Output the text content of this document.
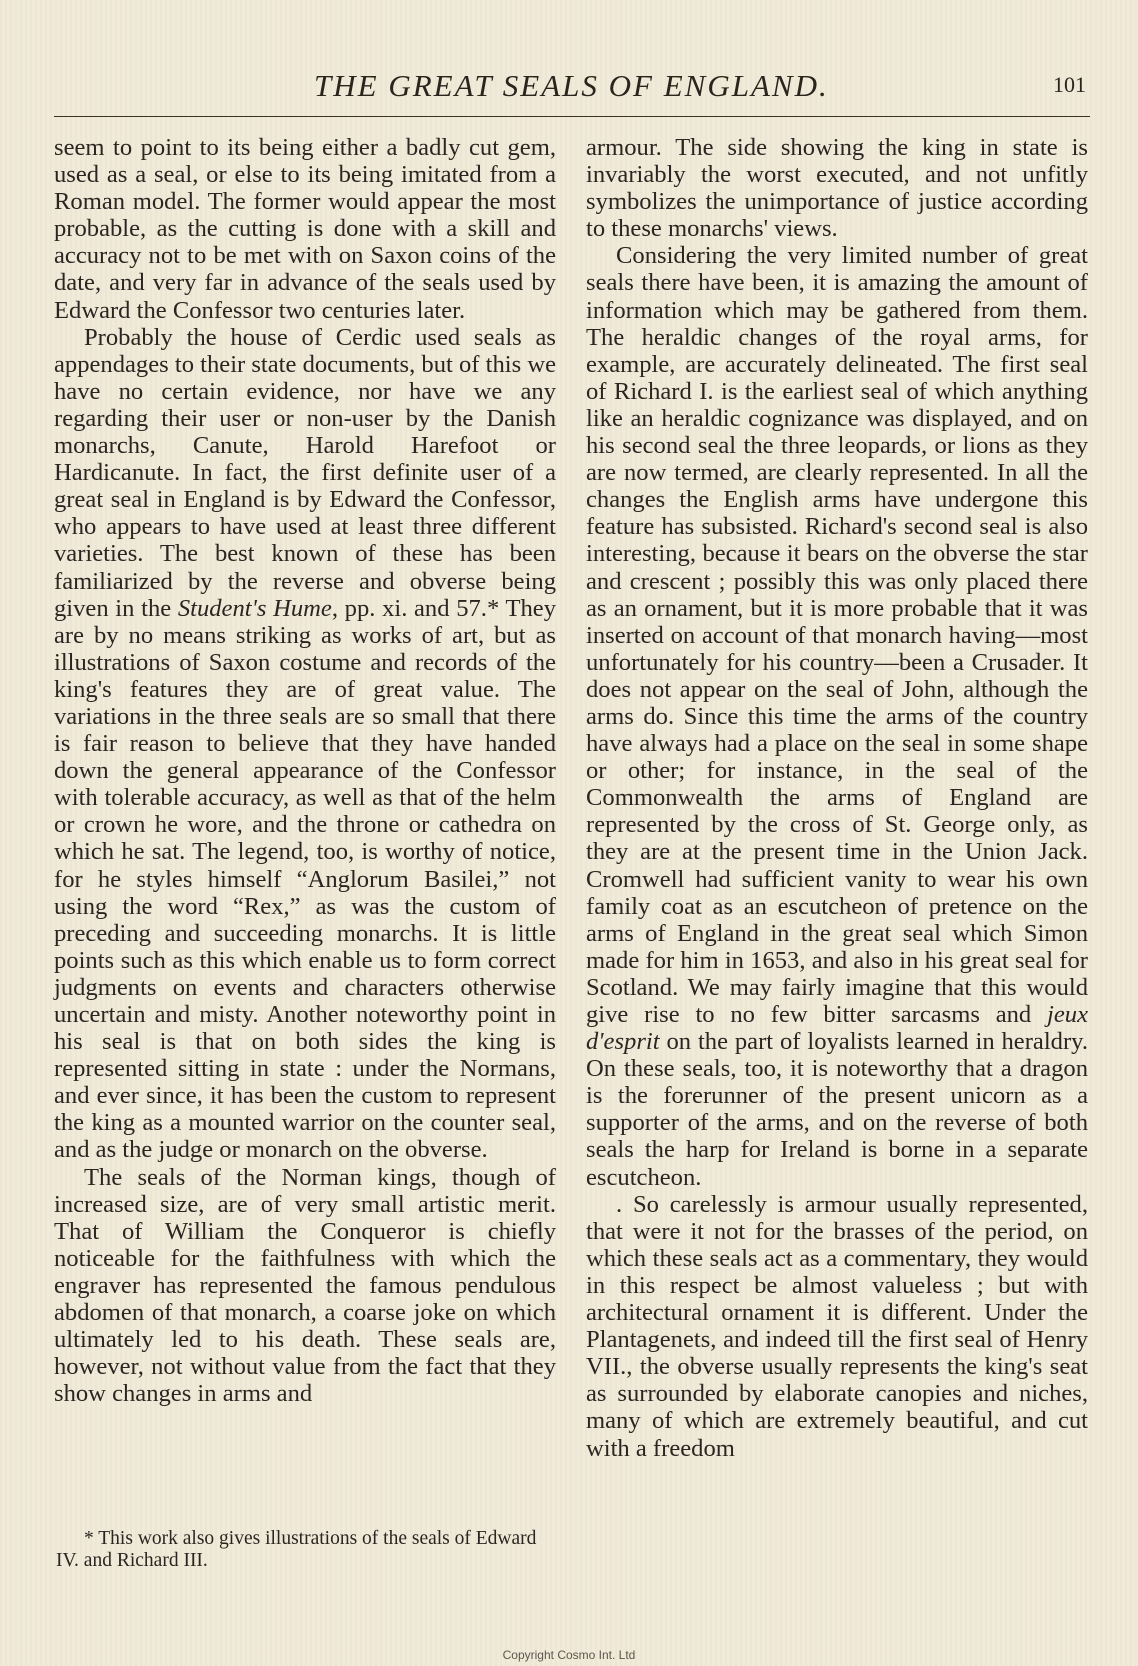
THE GREAT SEALS OF ENGLAND.	101

seem to point to its being either a badly cut gem, used as a seal, or else to its being imitated from a Roman model. The former would appear the most probable, as the cutting is done with a skill and accuracy not to be met with on Saxon coins of the date, and very far in advance of the seals used by Edward the Confessor two centuries later.

Probably the house of Cerdic used seals as appendages to their state documents, but of this we have no certain evidence, nor have we any regarding their user or non-user by the Danish monarchs, Canute, Harold Harefoot or Hardicanute. In fact, the first definite user of a great seal in England is by Edward the Confessor, who appears to have used at least three different varieties. The best known of these has been familiarized by the reverse and obverse being given in the Student's Hume, pp. xi. and 57.* They are by no means striking as works of art, but as illustrations of Saxon costume and records of the king's features they are of great value. The variations in the three seals are so small that there is fair reason to believe that they have handed down the general appearance of the Confessor with tolerable accuracy, as well as that of the helm or crown he wore, and the throne or cathedra on which he sat. The legend, too, is worthy of notice, for he styles himself “Anglorum Basilei,” not using the word “Rex,” as was the custom of preceding and succeeding monarchs. It is little points such as this which enable us to form correct judgments on events and characters otherwise uncertain and misty. Another noteworthy point in his seal is that on both sides the king is represented sitting in state : under the Normans, and ever since, it has been the custom to represent the king as a mounted warrior on the counter seal, and as the judge or monarch on the obverse.

The seals of the Norman kings, though of increased size, are of very small artistic merit. That of William the Conqueror is chiefly noticeable for the faithfulness with which the engraver has represented the famous pendulous abdomen of that monarch, a coarse joke on which ultimately led to his death. These seals are, however, not without value from the fact that they show changes in arms and

* This work also gives illustrations of the seals of Edward IV. and Richard III.

armour. The side showing the king in state is invariably the worst executed, and not unfitly symbolizes the unimportance of justice according to these monarchs' views.

Considering the very limited number of great seals there have been, it is amazing the amount of information which may be gathered from them. The heraldic changes of the royal arms, for example, are accurately delineated. The first seal of Richard I. is the earliest seal of which anything like an heraldic cognizance was displayed, and on his second seal the three leopards, or lions as they are now termed, are clearly represented. In all the changes the English arms have undergone this feature has subsisted. Richard's second seal is also interesting, because it bears on the obverse the star and crescent ; possibly this was only placed there as an ornament, but it is more probable that it was inserted on account of that monarch having—most unfortunately for his country—been a Crusader. It does not appear on the seal of John, although the arms do. Since this time the arms of the country have always had a place on the seal in some shape or other; for instance, in the seal of the Commonwealth the arms of England are represented by the cross of St. George only, as they are at the present time in the Union Jack. Cromwell had sufficient vanity to wear his own family coat as an escutcheon of pretence on the arms of England in the great seal which Simon made for him in 1653, and also in his great seal for Scotland. We may fairly imagine that this would give rise to no few bitter sarcasms and jeux d'esprit on the part of loyalists learned in heraldry. On these seals, too, it is noteworthy that a dragon is the forerunner of the present unicorn as a supporter of the arms, and on the reverse of both seals the harp for Ireland is borne in a separate escutcheon.

. So carelessly is armour usually represented, that were it not for the brasses of the period, on which these seals act as a commentary, they would in this respect be almost valueless ; but with architectural ornament it is different. Under the Plantagenets, and indeed till the first seal of Henry VII., the obverse usually represents the king's seat as surrounded by elaborate canopies and niches, many of which are extremely beautiful, and cut with a freedom

Copyright Cosmo Int. Ltd
